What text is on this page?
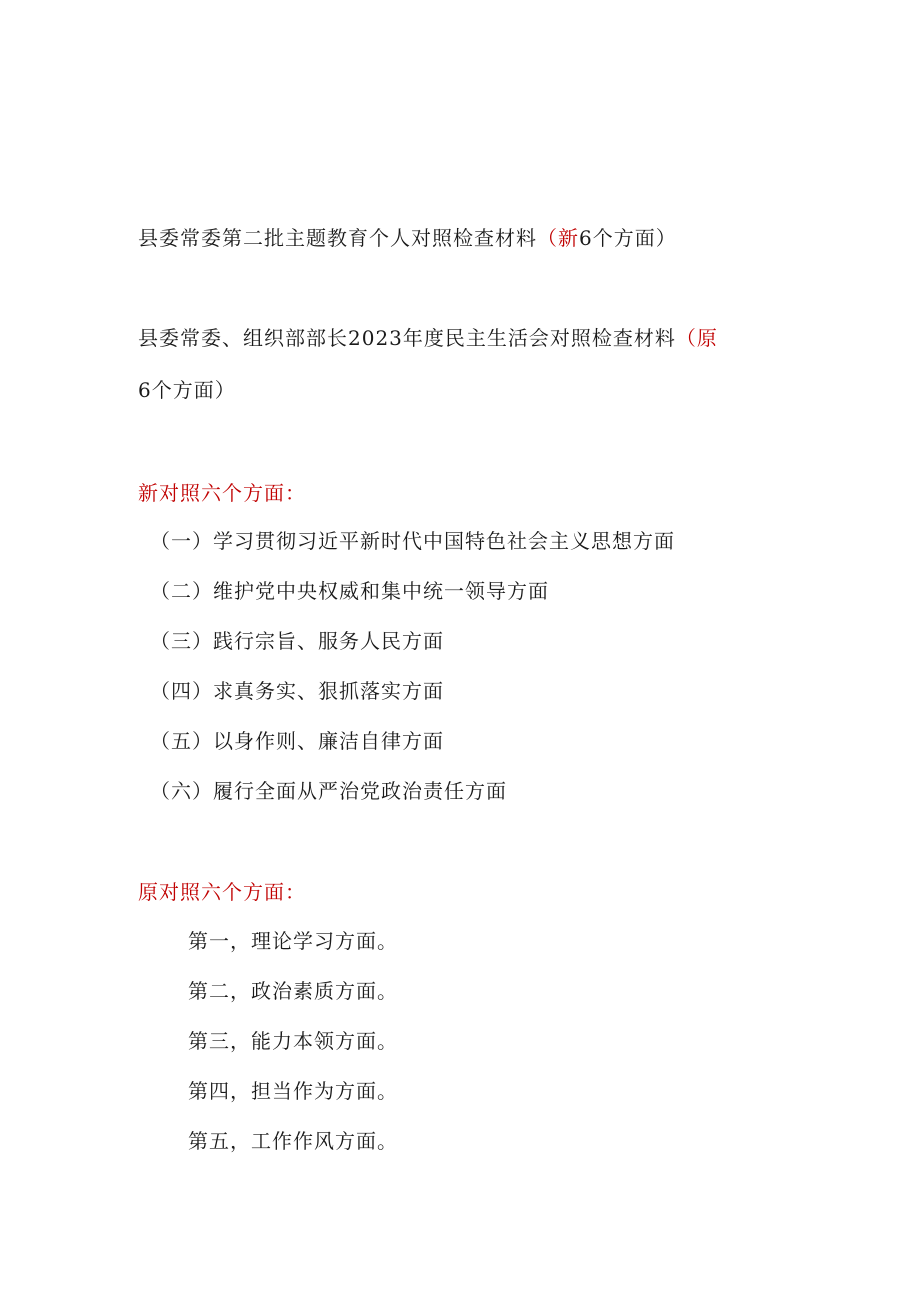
县委常委第二批主题教育个人对照检查材料（新6个方面）
县委常委、组织部部长2023年度民主生活会对照检查材料（原
6个方面）
新对照六个方面：
（一）学习贯彻习近平新时代中国特色社会主义思想方面
（二）维护党中央权威和集中统一领导方面
（三）践行宗旨、服务人民方面
（四）求真务实、狠抓落实方面
（五）以身作则、廉洁自律方面
（六）履行全面从严治党政治责任方面
原对照六个方面：
第一，理论学习方面。
第二，政治素质方面。
第三，能力本领方面。
第四，担当作为方面。
第五，工作作风方面。
